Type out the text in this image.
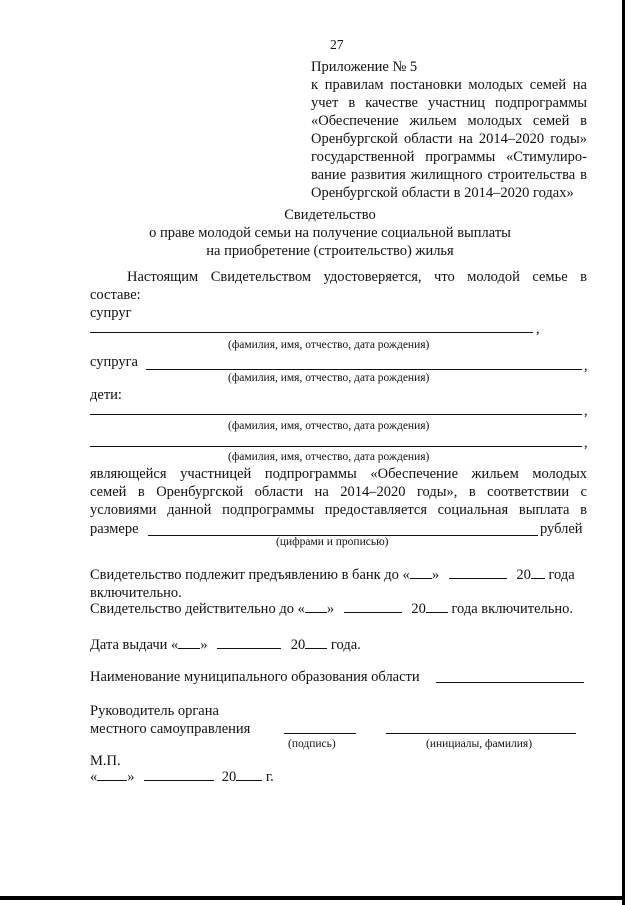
27
Приложение № 5
к правилам постановки молодых семей на
учет в качестве участниц подпрограммы
«Обеспечение жильем молодых семей в
Оренбургской области на 2014–2020 годы»
государственной программы «Стимулиро-
вание развития жилищного строительства в
Оренбургской области в 2014–2020 годах»
Свидетельство
о праве молодой семьи на получение социальной выплаты
на приобретение (строительство) жилья
Настоящим Свидетельством удостоверяется, что молодой семье в
составе:
супруг
,
(фамилия, имя, отчество, дата рождения)
супруга	,
(фамилия, имя, отчество, дата рождения)
дети:
,
(фамилия, имя, отчество, дата рождения)
,
(фамилия, имя, отчество, дата рождения)
являющейся участницей подпрограммы «Обеспечение жильем молодых
семей в Оренбургской области на 2014–2020 годы», в соответствии с
условиями данной подпрограммы предоставляется социальная выплата в
размере	рублей
(цифрами и прописью)
Свидетельство подлежит предъявлению в банк до « »	20 года
включительно.
Свидетельство действительно до « »	20 года включительно.
Дата выдачи « »	20 года.
Наименование муниципального образования области
Руководитель органа
местного самоуправления
(подпись)	(инициалы, фамилия)
М.П.
« »	20 г.
